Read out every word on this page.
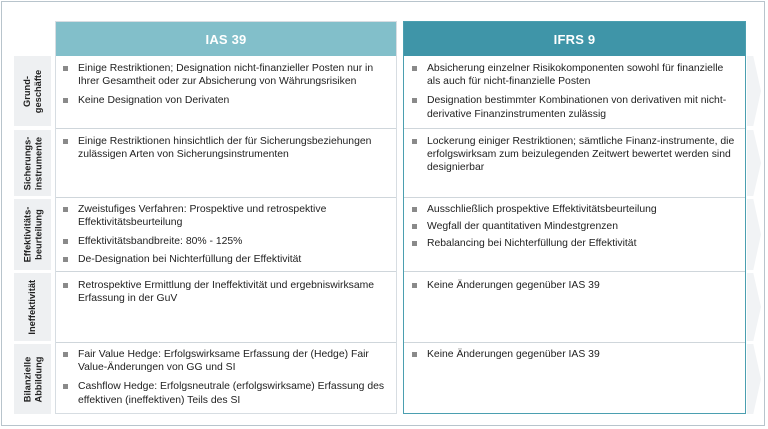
IAS 39	IFRS 9
Grund-
geschäfte
Sicherungs-
instrumente
Effektivitäts-
beurteilung
Ineffektivität
Bilanzielle
Abbildung
Einige Restriktionen; Designation nicht-finanzieller Posten nur in Ihrer Gesamtheit oder zur Absicherung von Währungsrisiken
Keine Designation von Derivaten
Absicherung einzelner Risikokomponenten sowohl für finanzielle als auch für nicht-finanzielle Posten
Designation bestimmter Kombinationen von derivativen mit nicht-derivative Finanzinstrumenten zulässig
Einige Restriktionen hinsichtlich der für Sicherungsbeziehungen zulässigen Arten von Sicherungsinstrumenten
Lockerung einiger Restriktionen; sämtliche Finanz-instrumente, die erfolgswirksam zum beizulegenden Zeitwert bewertet werden sind designierbar
Zweistufiges Verfahren: Prospektive und retrospektive Effektivitätsbeurteilung
Effektivitätsbandbreite: 80% - 125%
De-Designation bei Nichterfüllung der Effektivität
Ausschließlich prospektive Effektivitätsbeurteilung
Wegfall der quantitativen Mindestgrenzen
Rebalancing bei Nichterfüllung der Effektivität
Retrospektive Ermittlung der Ineffektivität und ergebniswirksame Erfassung in der GuV
Keine Änderungen gegenüber IAS 39
Fair Value Hedge: Erfolgswirksame Erfassung der (Hedge) Fair Value-Änderungen von GG und SI
Cashflow Hedge: Erfolgsneutrale (erfolgswirksame) Erfassung des effektiven (ineffektiven) Teils des SI
Keine Änderungen gegenüber IAS 39
